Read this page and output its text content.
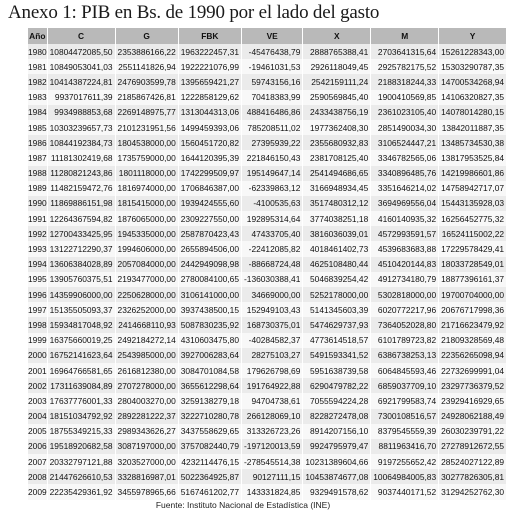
Anexo 1: PIB en Bs. de 1990 por el lado del gasto
Año	C	G	FBK	VE	X	M	Y
1980	10804472085,50	2353886166,22	1963222457,31	-45476438,79	2888765388,41	2703641315,64	15261228343,00
1981	10849053041,03	2551141826,94	1922221076,99	-19461031,53	2926118049,45	2925782175,52	15303290787,35
1982	10414387224,81	2476903599,78	1395659421,27	59743156,16	2542159111,24	2188318244,33	14700534268,94
1983	9937017611,39	2185867426,81	1222858129,62	70418383,99	2590569845,40	1900410569,85	14106320827,35
1984	9934988853,68	2269148975,77	1313044313,06	488416486,86	2433438756,19	2361023105,40	14078014280,15
1985	10303239657,73	2101231951,56	1499459393,06	785208511,02	1977362408,30	2851490034,30	13842011887,35
1986	10844192384,73	1804538000,00	1560451720,82	27395939,22	2355680932,83	3106524447,21	13485734530,38
1987	11181302419,68	1735759000,00	1644120395,39	221846150,43	2381708125,40	3346782565,06	13817953525,84
1988	11280821243,86	1801118000,00	1742299509,97	195149647,14	2541494686,65	3340896485,76	14219986601,86
1989	11482159472,76	1816974000,00	1706846387,00	-62339863,12	3166948934,45	3351646214,02	14758942717,07
1990	11869886151,98	1815415000,00	1939424555,60	-4100535,63	3517480312,12	3694969556,04	15443135928,03
1991	12264367594,82	1876065000,00	2309227550,00	192895314,64	3774038251,18	4160140935,32	16256452775,32
1992	12700433425,95	1945335000,00	2587870423,43	47433705,40	3816036039,01	4572993591,57	16524115002,22
1993	13122712290,37	1994606000,00	2655894506,00	-22412085,82	4018461402,73	4539683683,88	17229578429,41
1994	13606384028,89	2057084000,00	2442949098,98	-88668724,48	4625108480,44	4510420144,83	18033728549,01
1995	13905760375,51	2193477000,00	2780084100,65	-136030388,41	5046839254,42	4912734180,79	18877396161,37
1996	14359906000,00	2250628000,00	3106141000,00	34669000,00	5252178000,00	5302818000,00	19700704000,00
1997	15135505093,37	2326252000,00	3937438500,15	152949103,43	5141345603,39	6020772217,96	20676717998,36
1998	15934817048,92	2414668110,93	5087830235,92	168730375,01	5474629737,93	7364052028,80	21716623479,92
1999	16375660019,25	2492184272,14	4310603475,80	-40284582,37	4773614518,57	6101789723,82	21809328569,48
2000	16752141623,64	2543985000,00	3927006283,64	28275103,27	5491593341,52	6386738253,13	22356265098,94
2001	16964766581,65	2616812380,00	3084701084,58	179626798,69	5951638739,58	6064845593,46	22732699991,04
2002	17311639084,89	2707278000,00	3655612298,64	191764922,88	6290479782,22	6859037709,10	23297736379,52
2003	17637776001,33	2804003270,00	3259138279,18	94704738,61	7055594224,28	6921799583,74	23929416929,65
2004	18151034792,92	2892281222,37	3222710280,78	266128069,10	8228272478,08	7300108516,57	24928062188,49
2005	18755349215,33	2989343626,27	3437558629,65	313326723,26	8914207156,10	8379545559,39	26030239791,22
2006	19518920682,58	3087197000,00	3757082440,79	-197120013,59	9924795979,47	8811963416,70	27278912672,55
2007	20332797121,88	3203527000,00	4232114476,15	-278545514,38	10231389604,66	9197255652,42	28524027122,89
2008	21447626610,53	3328816987,01	5022364925,87	90127111,15	10453874677,08	10064984005,83	30277826305,81
2009	22235429361,92	3455978965,66	5167461202,77	143331824,85	9329491578,62	9037440171,52	31294252762,30
Fuente: Instituto Nacional de Estadística (INE)
